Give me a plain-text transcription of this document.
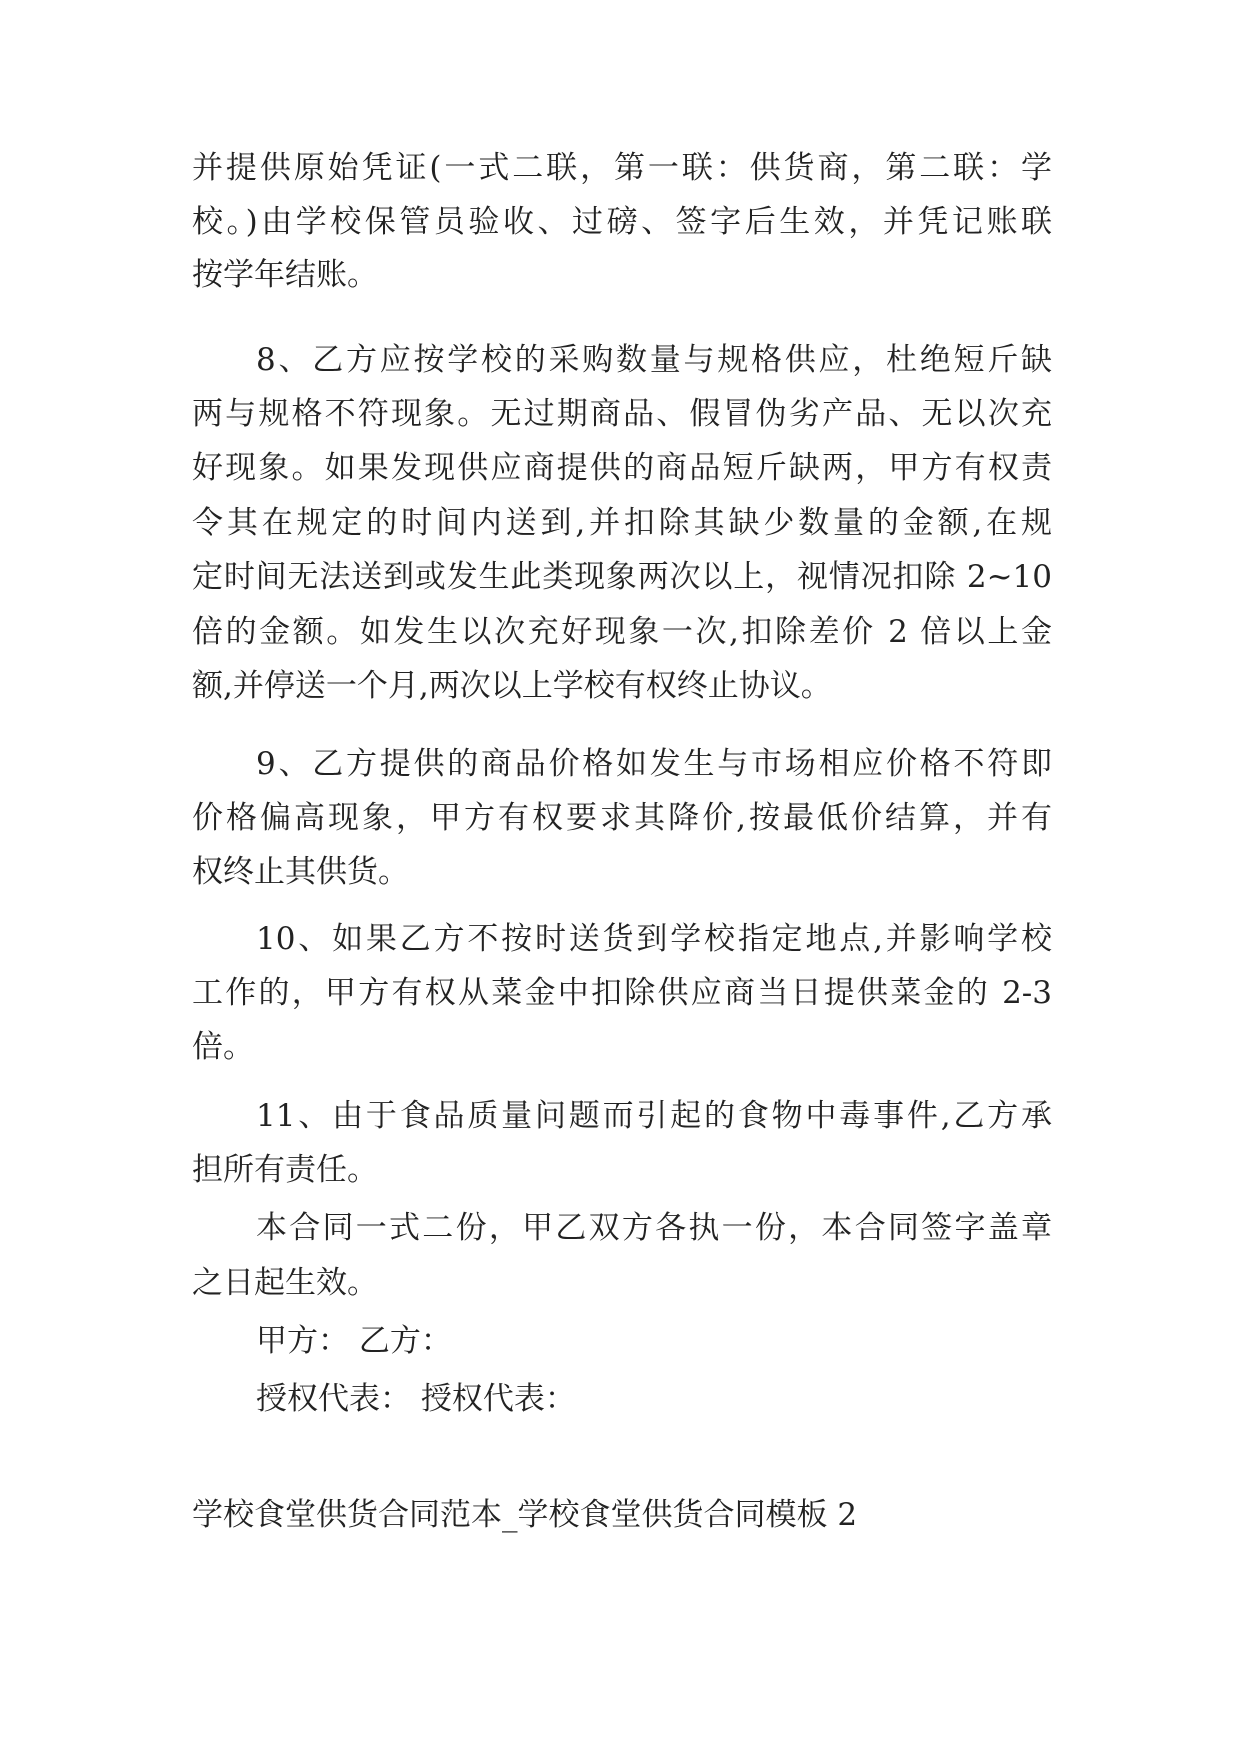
并提供原始凭证(一式二联，第一联：供货商，第二联：学
校。)由学校保管员验收、过磅、签字后生效，并凭记账联
按学年结账。
8、乙方应按学校的采购数量与规格供应，杜绝短斤缺
两与规格不符现象。无过期商品、假冒伪劣产品、无以次充
好现象。如果发现供应商提供的商品短斤缺两，甲方有权责
令其在规定的时间内送到,并扣除其缺少数量的金额,在规
定时间无法送到或发生此类现象两次以上，视情况扣除 2~10
倍的金额。如发生以次充好现象一次,扣除差价 2 倍以上金
额,并停送一个月,两次以上学校有权终止协议。
9、乙方提供的商品价格如发生与市场相应价格不符即
价格偏高现象，甲方有权要求其降价,按最低价结算，并有
权终止其供货。
10、如果乙方不按时送货到学校指定地点,并影响学校
工作的，甲方有权从菜金中扣除供应商当日提供菜金的 2-3
倍。
11、由于食品质量问题而引起的食物中毒事件,乙方承
担所有责任。
本合同一式二份，甲乙双方各执一份，本合同签字盖章
之日起生效。
甲方： 乙方：
授权代表： 授权代表：
学校食堂供货合同范本_学校食堂供货合同模板 2
